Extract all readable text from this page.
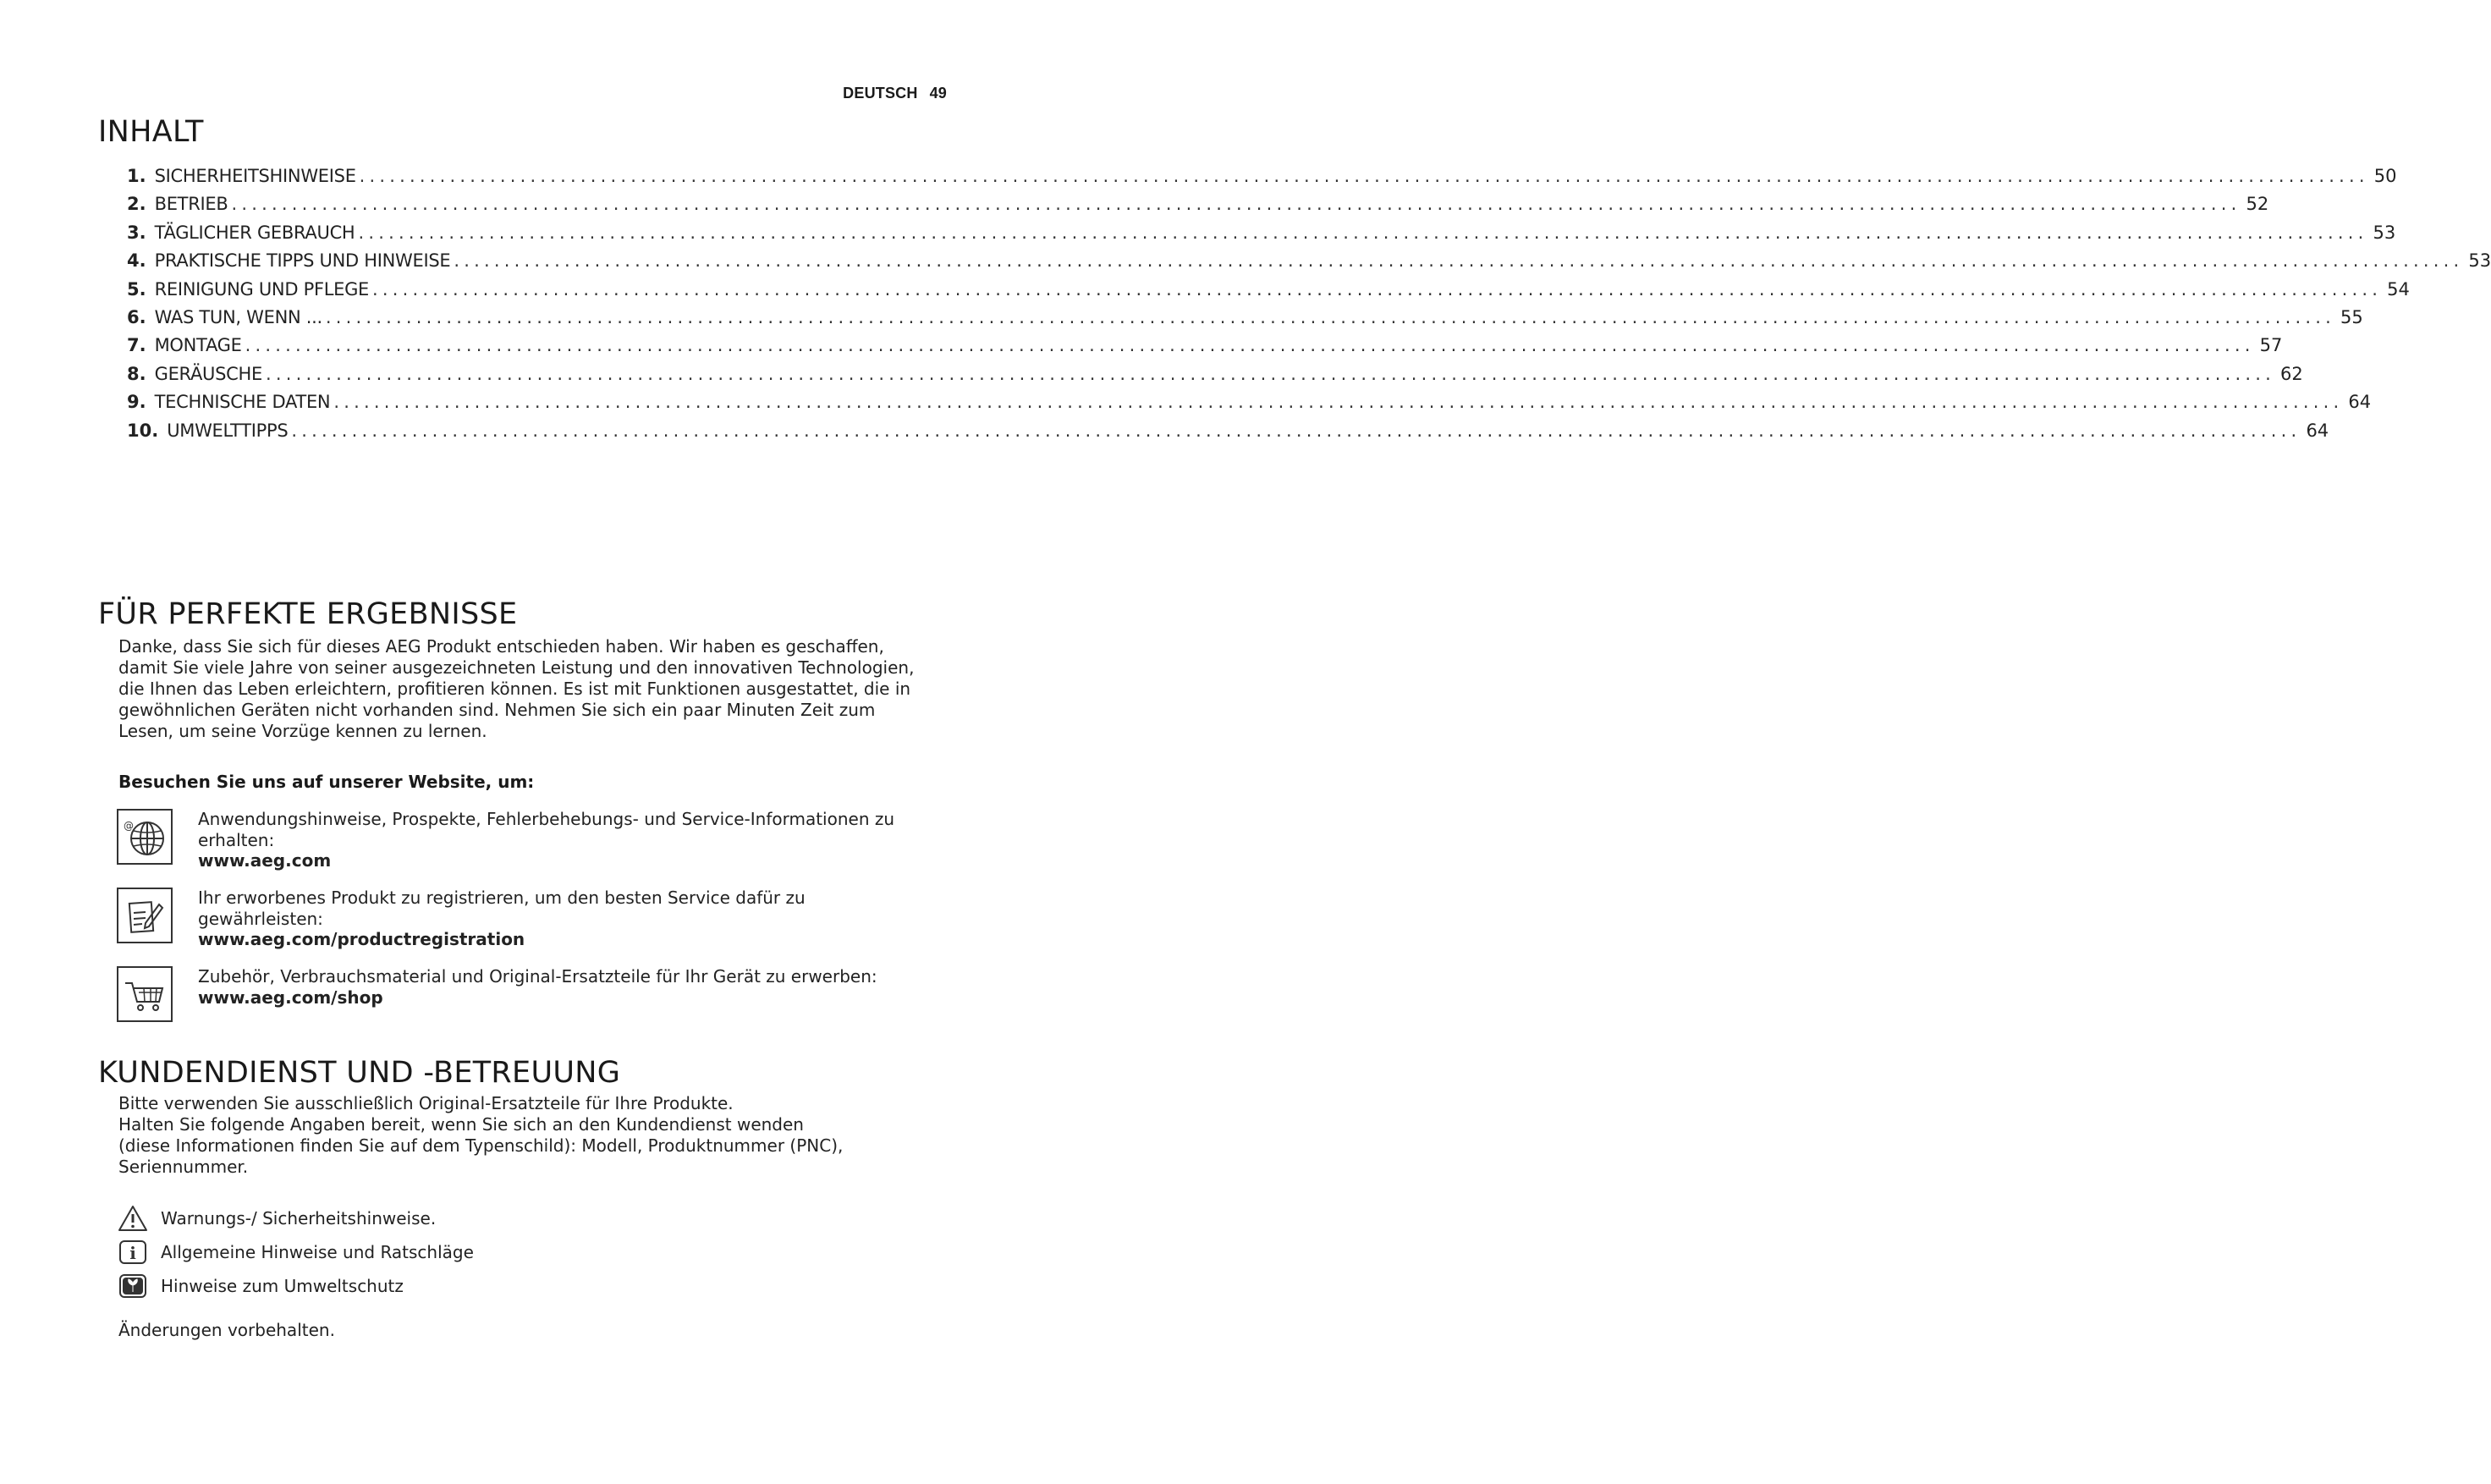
DEUTSCH 49
INHALT
1. SICHERHEITSHINWEISE ........................................................................................................................................................................................................ 50
2. BETRIEB ........................................................................................................................................................................................................ 52
3. TÄGLICHER GEBRAUCH ........................................................................................................................................................................................................ 53
4. PRAKTISCHE TIPPS UND HINWEISE ........................................................................................................................................................................................................ 53
5. REINIGUNG UND PFLEGE ........................................................................................................................................................................................................ 54
6. WAS TUN, WENN ... ........................................................................................................................................................................................................ 55
7. MONTAGE ........................................................................................................................................................................................................ 57
8. GERÄUSCHE ........................................................................................................................................................................................................ 62
9. TECHNISCHE DATEN ........................................................................................................................................................................................................ 64
10. UMWELTTIPPS ........................................................................................................................................................................................................ 64
FÜR PERFEKTE ERGEBNISSE
Danke, dass Sie sich für dieses AEG Produkt entschieden haben. Wir haben es geschaffen,
damit Sie viele Jahre von seiner ausgezeichneten Leistung und den innovativen Technologien,
die Ihnen das Leben erleichtern, profitieren können. Es ist mit Funktionen ausgestattet, die in
gewöhnlichen Geräten nicht vorhanden sind. Nehmen Sie sich ein paar Minuten Zeit zum
Lesen, um seine Vorzüge kennen zu lernen.

Besuchen Sie uns auf unserer Website, um:

@	Anwendungshinweise, Prospekte, Fehlerbehebungs- und Service-Informationen zu
erhalten:
www.aeg.com
Ihr erworbenes Produkt zu registrieren, um den besten Service dafür zu
gewährleisten:
www.aeg.com/productregistration
Zubehör, Verbrauchsmaterial und Original-Ersatzteile für Ihr Gerät zu erwerben:
www.aeg.com/shop
KUNDENDIENST UND -BETREUUNG
Bitte verwenden Sie ausschließlich Original-Ersatzteile für Ihre Produkte.
Halten Sie folgende Angaben bereit, wenn Sie sich an den Kundendienst wenden
(diese Informationen finden Sie auf dem Typenschild): Modell, Produktnummer (PNC),
Seriennummer.
Warnungs-/ Sicherheitshinweise.
i Allgemeine Hinweise und Ratschläge
Hinweise zum Umweltschutz

Änderungen vorbehalten.
